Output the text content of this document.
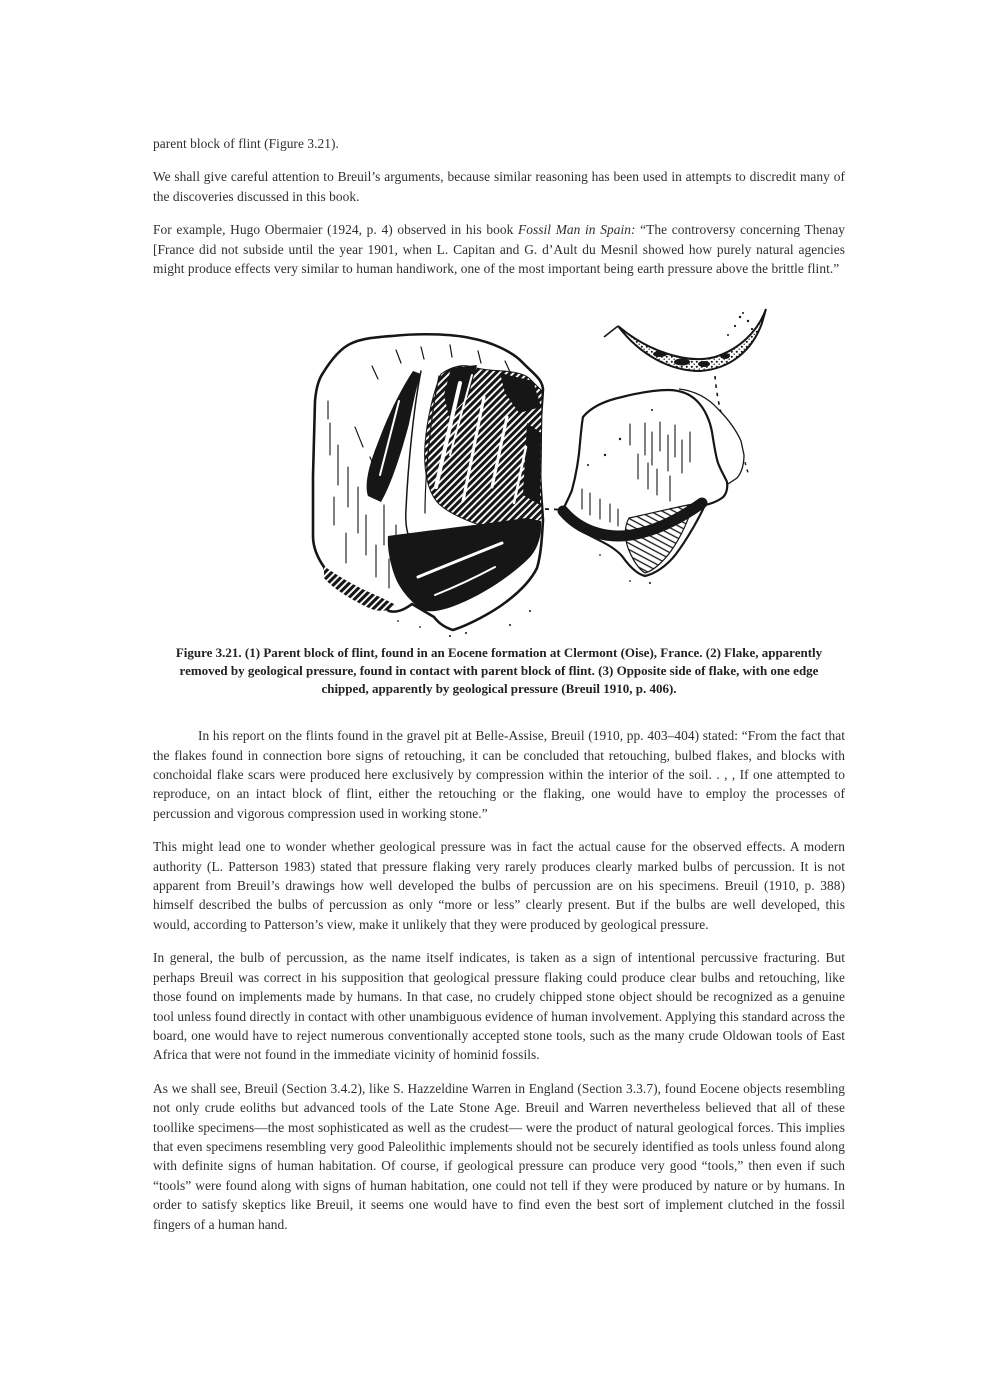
parent block of flint (Figure 3.21).

We shall give careful attention to Breuil’s arguments, because similar reasoning has been used in attempts to discredit many of the discoveries discussed in this book.

For example, Hugo Obermaier (1924, p. 4) observed in his book Fossil Man in Spain: “The controversy concerning Thenay [France did not subside until the year 1901, when L. Capitan and G. d’Ault du Mesnil showed how purely natural agencies might produce effects very similar to human handiwork, one of the most important being earth pressure above the brittle flint.”

Figure 3.21. (1) Parent block of flint, found in an Eocene formation at Clermont (Oise), France. (2) Flake, apparently removed by geological pressure, found in contact with parent block of flint. (3) Opposite side of flake, with one edge chipped, apparently by geological pressure (Breuil 1910, p. 406).

In his report on the flints found in the gravel pit at Belle-Assise, Breuil (1910, pp. 403–404) stated: “From the fact that the flakes found in connection bore signs of retouching, it can be concluded that retouching, bulbed flakes, and blocks with conchoidal flake scars were produced here exclusively by compression within the interior of the soil. . , , If one attempted to reproduce, on an intact block of flint, either the retouching or the flaking, one would have to employ the processes of percussion and vigorous compression used in working stone.”

This might lead one to wonder whether geological pressure was in fact the actual cause for the observed effects. A modern authority (L. Patterson 1983) stated that pressure flaking very rarely produces clearly marked bulbs of percussion. It is not apparent from Breuil’s drawings how well developed the bulbs of percussion are on his specimens. Breuil (1910, p. 388) himself described the bulbs of percussion as only “more or less” clearly present. But if the bulbs are well developed, this would, according to Patterson’s view, make it unlikely that they were produced by geological pressure.

In general, the bulb of percussion, as the name itself indicates, is taken as a sign of intentional percussive fracturing. But perhaps Breuil was correct in his supposition that geological pressure flaking could produce clear bulbs and retouching, like those found on implements made by humans. In that case, no crudely chipped stone object should be recognized as a genuine tool unless found directly in contact with other unambiguous evidence of human involvement. Applying this standard across the board, one would have to reject numerous conventionally accepted stone tools, such as the many crude Oldowan tools of East Africa that were not found in the immediate vicinity of hominid fossils.

As we shall see, Breuil (Section 3.4.2), like S. Hazzeldine Warren in England (Section 3.3.7), found Eocene objects resembling not only crude eoliths but advanced tools of the Late Stone Age. Breuil and Warren nevertheless believed that all of these toollike specimens—the most sophisticated as well as the crudest— were the product of natural geological forces. This implies that even specimens resembling very good Paleolithic implements should not be securely identified as tools unless found along with definite signs of human habitation. Of course, if geological pressure can produce very good “tools,” then even if such “tools” were found along with signs of human habitation, one could not tell if they were produced by nature or by humans. In order to satisfy skeptics like Breuil, it seems one would have to find even the best sort of implement clutched in the fossil fingers of a human hand.
